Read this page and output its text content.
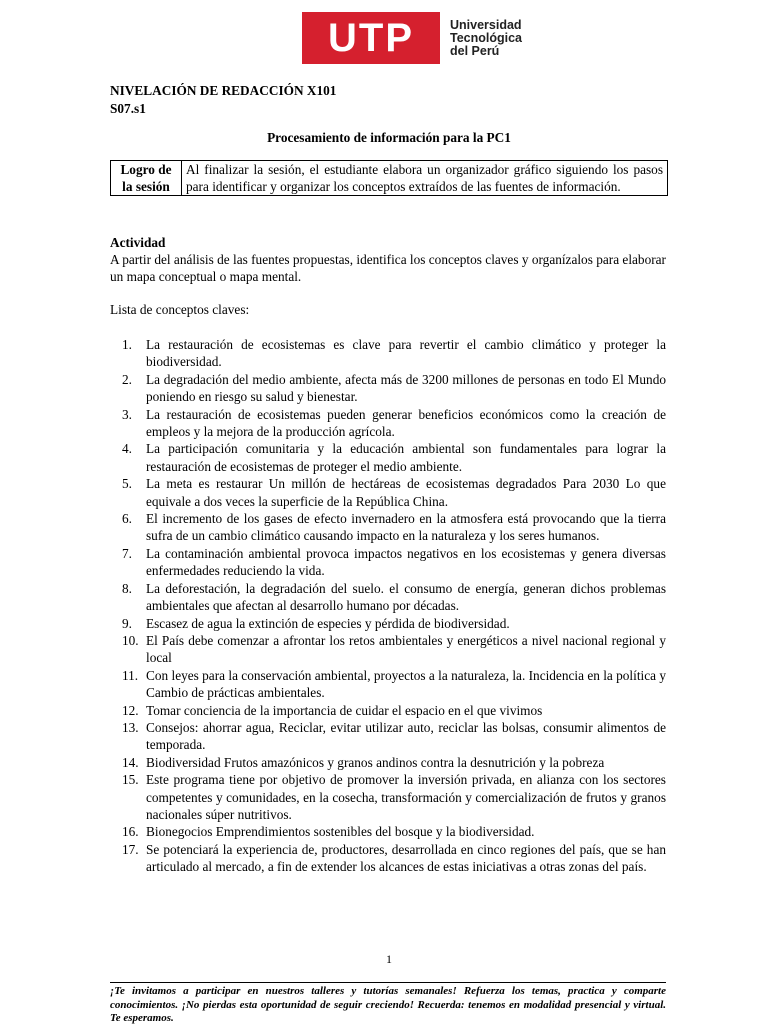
UTP	Universidad
Tecnológica
del Perú
NIVELACIÓN DE REDACCIÓN X101
S07.s1
Procesamiento de información para la PC1
Logro de la sesión	Al finalizar la sesión, el estudiante elabora un organizador gráfico siguiendo los pasos para identificar y organizar los conceptos extraídos de las fuentes de información.
Actividad
A partir del análisis de las fuentes propuestas, identifica los conceptos claves y organízalos para elaborar un mapa conceptual o mapa mental.
Lista de conceptos claves:
1. La restauración de ecosistemas es clave para revertir el cambio climático y proteger la biodiversidad.
2. La degradación del medio ambiente, afecta más de 3200 millones de personas en todo El Mundo poniendo en riesgo su salud y bienestar.
3. La restauración de ecosistemas pueden generar beneficios económicos como la creación de empleos y la mejora de la producción agrícola.
4. La participación comunitaria y la educación ambiental son fundamentales para lograr la restauración de ecosistemas de proteger el medio ambiente.
5. La meta es restaurar Un millón de hectáreas de ecosistemas degradados Para 2030 Lo que equivale a dos veces la superficie de la República China.
6. El incremento de los gases de efecto invernadero en la atmosfera está provocando que la tierra sufra de un cambio climático causando impacto en la naturaleza y los seres humanos.
7. La contaminación ambiental provoca impactos negativos en los ecosistemas y genera diversas enfermedades reduciendo la vida.
8. La deforestación, la degradación del suelo. el consumo de energía, generan dichos problemas ambientales que afectan al desarrollo humano por décadas.
9. Escasez de agua la extinción de especies y pérdida de biodiversidad.
10. El País debe comenzar a afrontar los retos ambientales y energéticos a nivel nacional regional y local
11. Con leyes para la conservación ambiental, proyectos a la naturaleza, la. Incidencia en la política y Cambio de prácticas ambientales.
12. Tomar conciencia de la importancia de cuidar el espacio en el que vivimos
13. Consejos: ahorrar agua, Reciclar, evitar utilizar auto, reciclar las bolsas, consumir alimentos de temporada.
14. Biodiversidad Frutos amazónicos y granos andinos contra la desnutrición y la pobreza
15. Este programa tiene por objetivo de promover la inversión privada, en alianza con los sectores competentes y comunidades, en la cosecha, transformación y comercialización de frutos y granos nacionales súper nutritivos.
16. Bionegocios Emprendimientos sostenibles del bosque y la biodiversidad.
17. Se potenciará la experiencia de, productores, desarrollada en cinco regiones del país, que se han articulado al mercado, a fin de extender los alcances de estas iniciativas a otras zonas del país.
1
¡Te invitamos a participar en nuestros talleres y tutorías semanales! Refuerza los temas, practica y comparte conocimientos. ¡No pierdas esta oportunidad de seguir creciendo! Recuerda: tenemos en modalidad presencial y virtual. Te esperamos.
